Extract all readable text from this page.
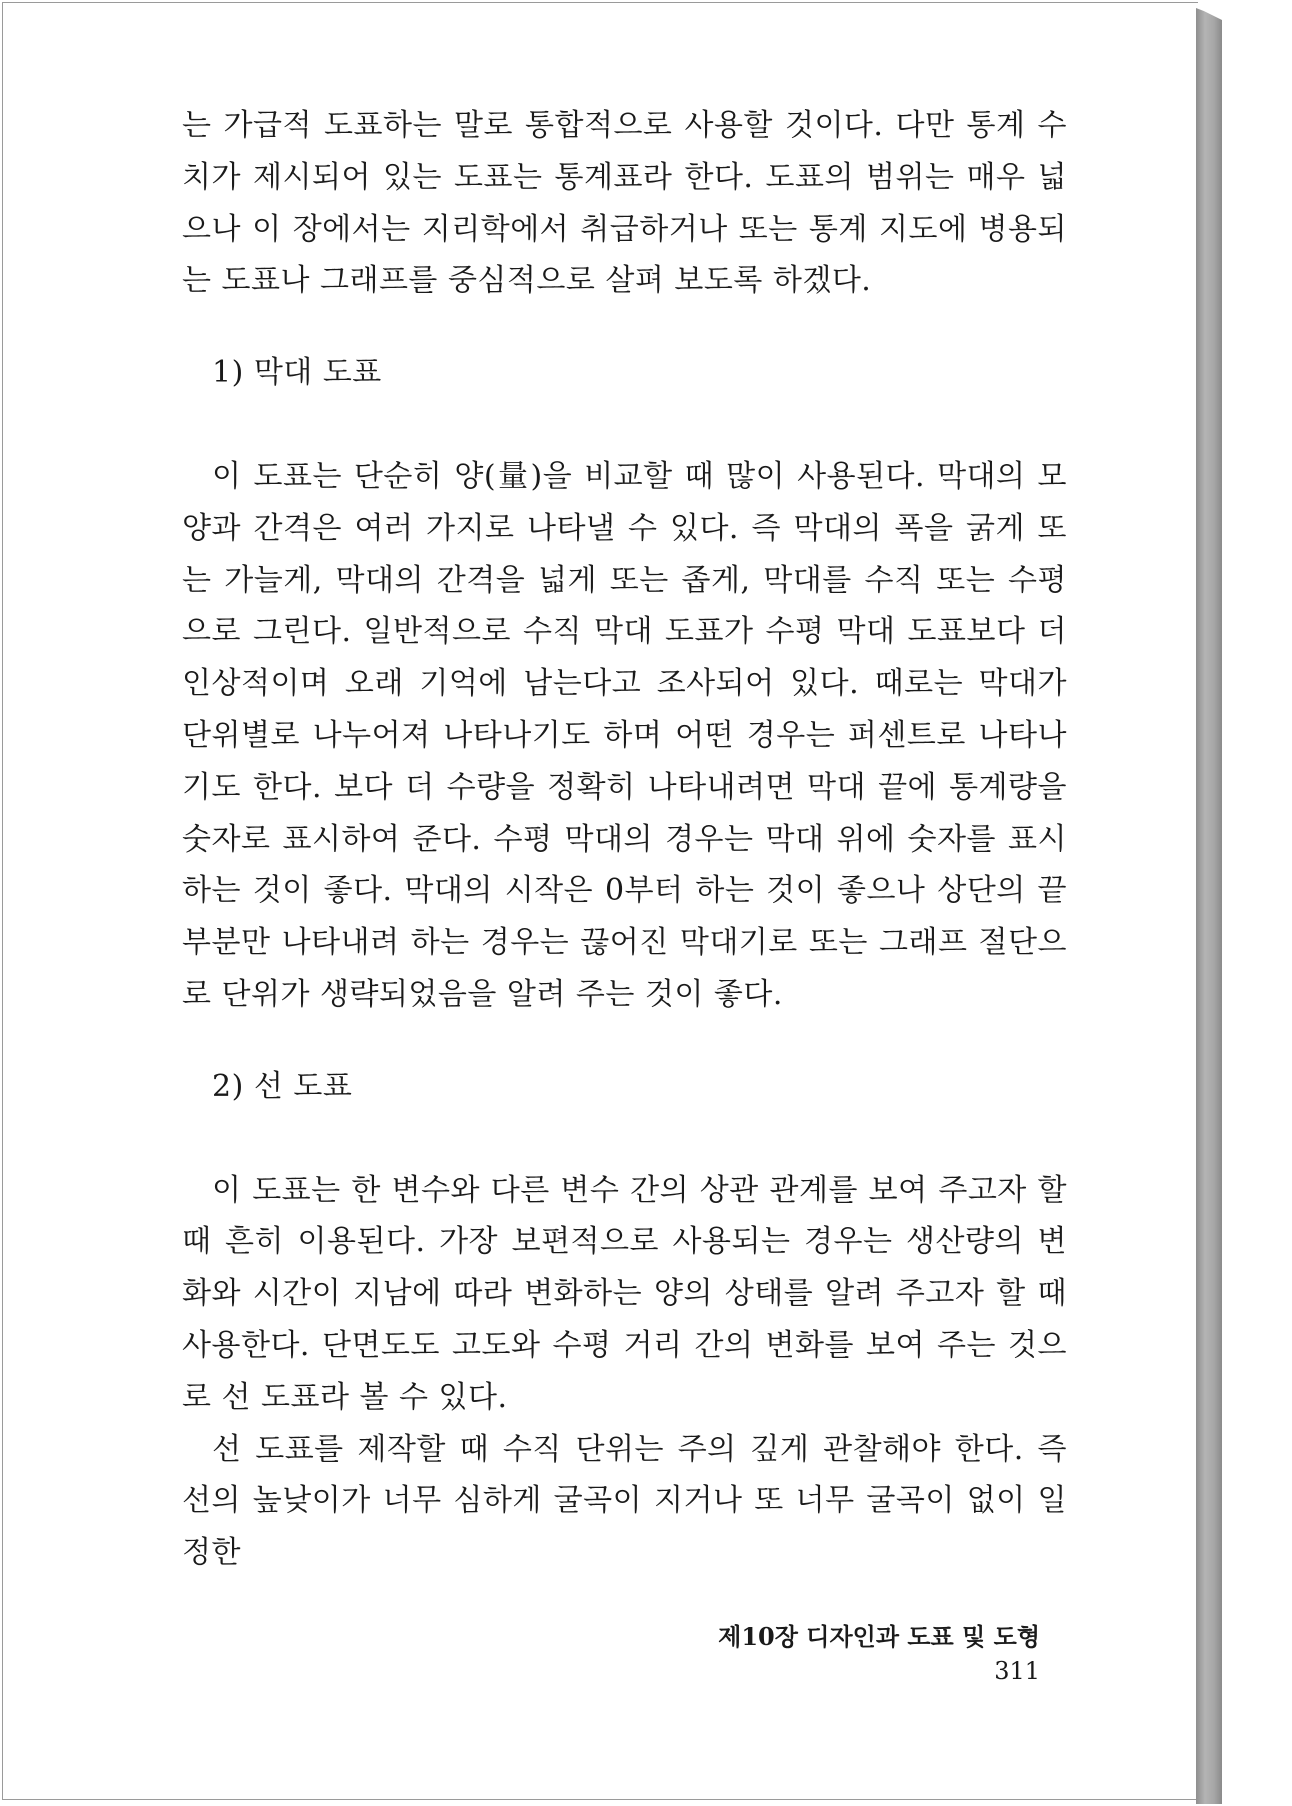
는 가급적 도표하는 말로 통합적으로 사용할 것이다. 다만 통계 수치가 제시되어 있는 도표는 통계표라 한다. 도표의 범위는 매우 넓으나 이 장에서는 지리학에서 취급하거나 또는 통계 지도에 병용되는 도표나 그래프를 중심적으로 살펴 보도록 하겠다.

1) 막대 도표

이 도표는 단순히 양(量)을 비교할 때 많이 사용된다. 막대의 모양과 간격은 여러 가지로 나타낼 수 있다. 즉 막대의 폭을 굵게 또는 가늘게, 막대의 간격을 넓게 또는 좁게, 막대를 수직 또는 수평으로 그린다. 일반적으로 수직 막대 도표가 수평 막대 도표보다 더 인상적이며 오래 기억에 남는다고 조사되어 있다. 때로는 막대가 단위별로 나누어져 나타나기도 하며 어떤 경우는 퍼센트로 나타나기도 한다. 보다 더 수량을 정확히 나타내려면 막대 끝에 통계량을 숫자로 표시하여 준다. 수평 막대의 경우는 막대 위에 숫자를 표시하는 것이 좋다. 막대의 시작은 0부터 하는 것이 좋으나 상단의 끝 부분만 나타내려 하는 경우는 끊어진 막대기로 또는 그래프 절단으로 단위가 생략되었음을 알려 주는 것이 좋다.

2) 선 도표

이 도표는 한 변수와 다른 변수 간의 상관 관계를 보여 주고자 할 때 흔히 이용된다. 가장 보편적으로 사용되는 경우는 생산량의 변화와 시간이 지남에 따라 변화하는 양의 상태를 알려 주고자 할 때 사용한다. 단면도도 고도와 수평 거리 간의 변화를 보여 주는 것으로 선 도표라 볼 수 있다.

선 도표를 제작할 때 수직 단위는 주의 깊게 관찰해야 한다. 즉 선의 높낮이가 너무 심하게 굴곡이 지거나 또 너무 굴곡이 없이 일정한

제10장 디자인과 도표 및 도형311
